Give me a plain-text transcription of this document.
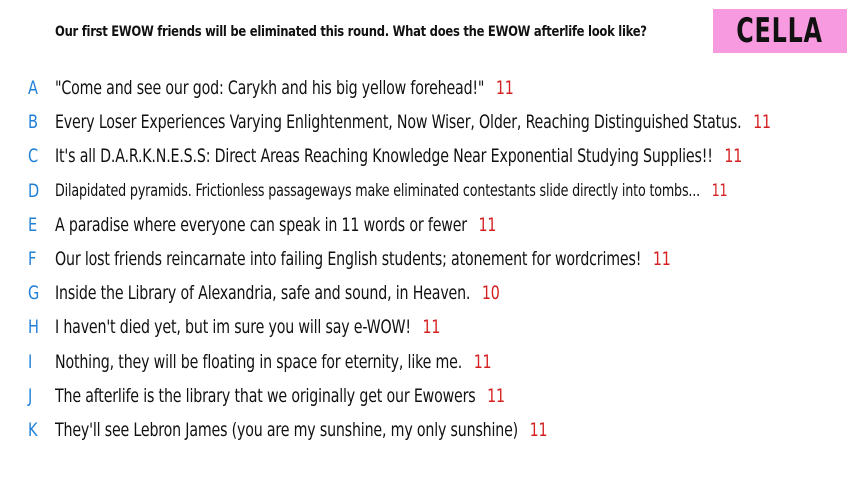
Our first EWOW friends will be eliminated this round. What does the EWOW afterlife look like?	CELLA
A "Come and see our god: Carykh and his big yellow forehead!" 11
B Every Loser Experiences Varying Enlightenment, Now Wiser, Older, Reaching Distinguished Status. 11
C It's all D.A.R.K.N.E.S.S: Direct Areas Reaching Knowledge Near Exponential Studying Supplies!! 11
D Dilapidated pyramids. Frictionless passageways make eliminated contestants slide directly into tombs... 11
E A paradise where everyone can speak in 11 words or fewer 11
F Our lost friends reincarnate into failing English students; atonement for wordcrimes! 11
G Inside the Library of Alexandria, safe and sound, in Heaven. 10
H I haven't died yet, but im sure you will say e-WOW! 11
I	Nothing, they will be floating in space for eternity, like me. 11
J	The afterlife is the library that we originally get our Ewowers 11
K They'll see Lebron James (you are my sunshine, my only sunshine) 11
